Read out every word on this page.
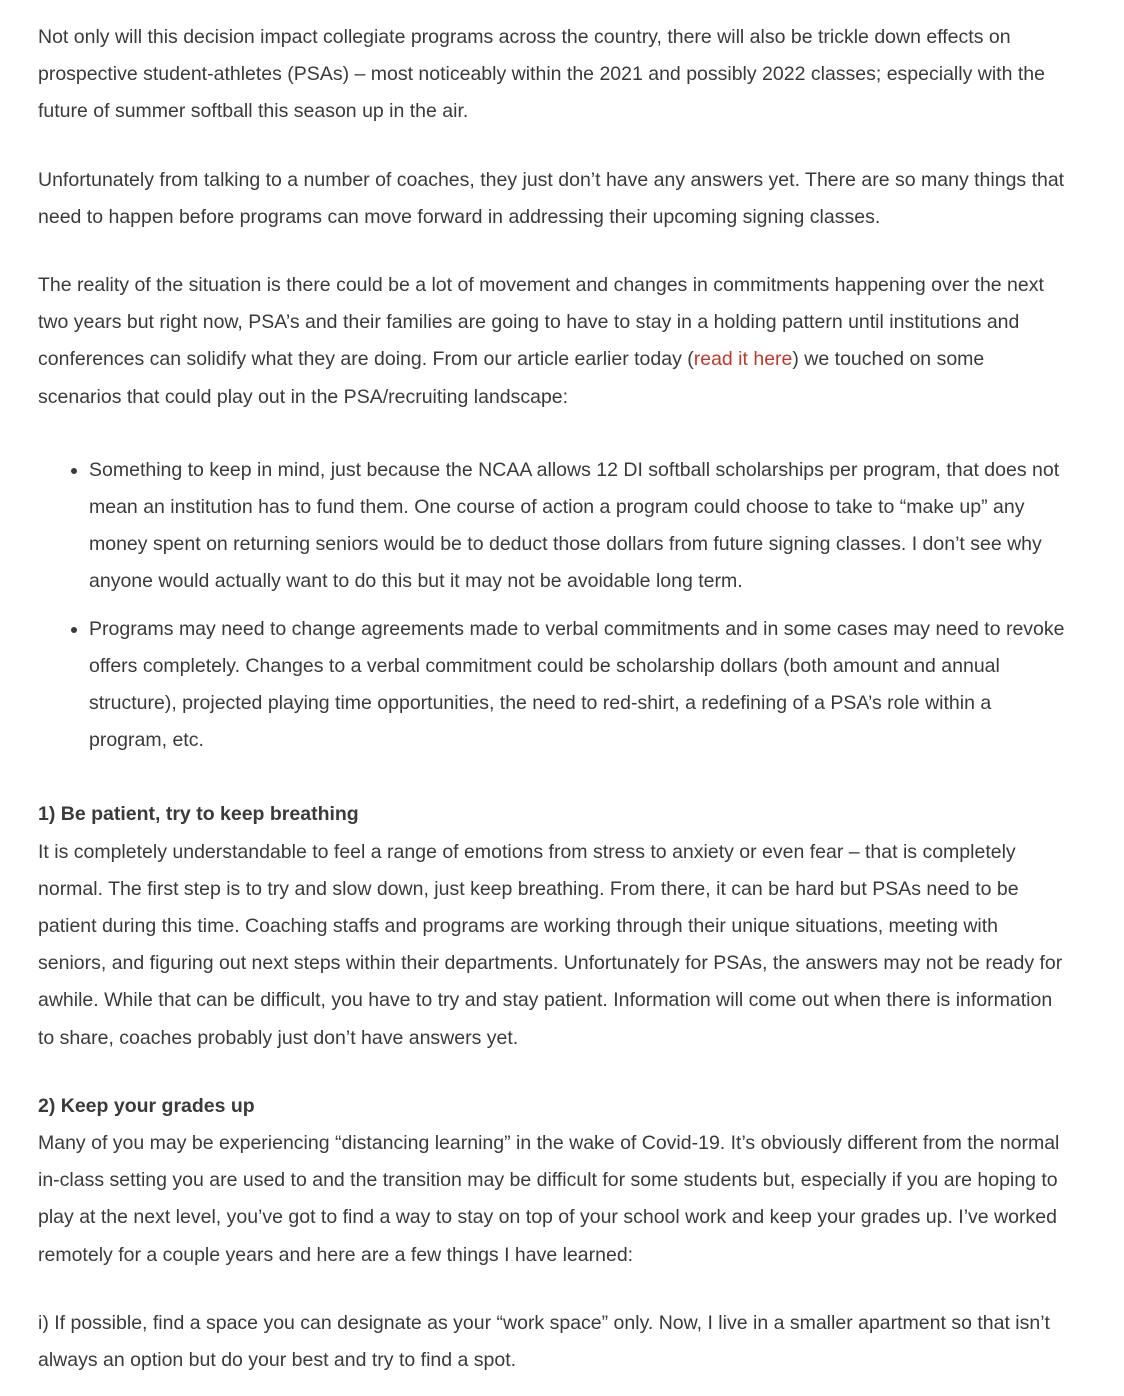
Not only will this decision impact collegiate programs across the country, there will also be trickle down effects on prospective student-athletes (PSAs) – most noticeably within the 2021 and possibly 2022 classes; especially with the future of summer softball this season up in the air.

Unfortunately from talking to a number of coaches, they just don’t have any answers yet. There are so many things that need to happen before programs can move forward in addressing their upcoming signing classes.

The reality of the situation is there could be a lot of movement and changes in commitments happening over the next two years but right now, PSA’s and their families are going to have to stay in a holding pattern until institutions and conferences can solidify what they are doing. From our article earlier today (read it here) we touched on some scenarios that could play out in the PSA/recruiting landscape:

• Something to keep in mind, just because the NCAA allows 12 DI softball scholarships per program, that does not mean an institution has to fund them. One course of action a program could choose to take to “make up” any money spent on returning seniors would be to deduct those dollars from future signing classes. I don’t see why anyone would actually want to do this but it may not be avoidable long term.
• Programs may need to change agreements made to verbal commitments and in some cases may need to revoke offers completely. Changes to a verbal commitment could be scholarship dollars (both amount and annual structure), projected playing time opportunities, the need to red-shirt, a redefining of a PSA’s role within a program, etc.
1) Be patient, try to keep breathing

It is completely understandable to feel a range of emotions from stress to anxiety or even fear – that is completely normal. The first step is to try and slow down, just keep breathing. From there, it can be hard but PSAs need to be patient during this time. Coaching staffs and programs are working through their unique situations, meeting with seniors, and figuring out next steps within their departments. Unfortunately for PSAs, the answers may not be ready for awhile. While that can be difficult, you have to try and stay patient. Information will come out when there is information to share, coaches probably just don’t have answers yet.

2) Keep your grades up

Many of you may be experiencing “distancing learning” in the wake of Covid-19. It’s obviously different from the normal in-class setting you are used to and the transition may be difficult for some students but, especially if you are hoping to play at the next level, you’ve got to find a way to stay on top of your school work and keep your grades up. I’ve worked remotely for a couple years and here are a few things I have learned:

i) If possible, find a space you can designate as your “work space” only. Now, I live in a smaller apartment so that isn’t always an option but do your best and try to find a spot.
